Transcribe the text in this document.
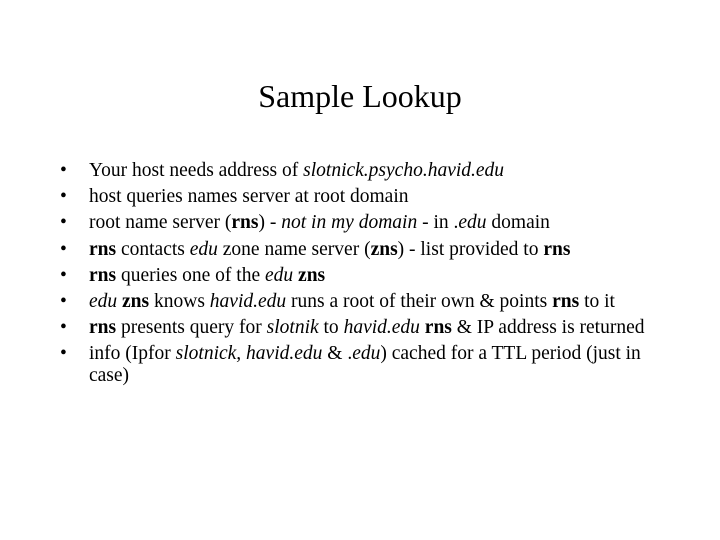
Sample Lookup
•	Your host needs address of slotnick.psycho.havid.edu
•	host queries names server at root domain
•	root name server (rns) - not in my domain - in .edu domain
•	rns contacts edu zone name server (zns) - list provided to rns
•	rns queries one of the edu zns
•	edu zns knows havid.edu runs a root of their own & points rns to it
•	rns presents query for slotnik to havid.edu rns & IP address is returned
•	info (Ipfor slotnick, havid.edu & .edu) cached for a TTL period (just in case)
